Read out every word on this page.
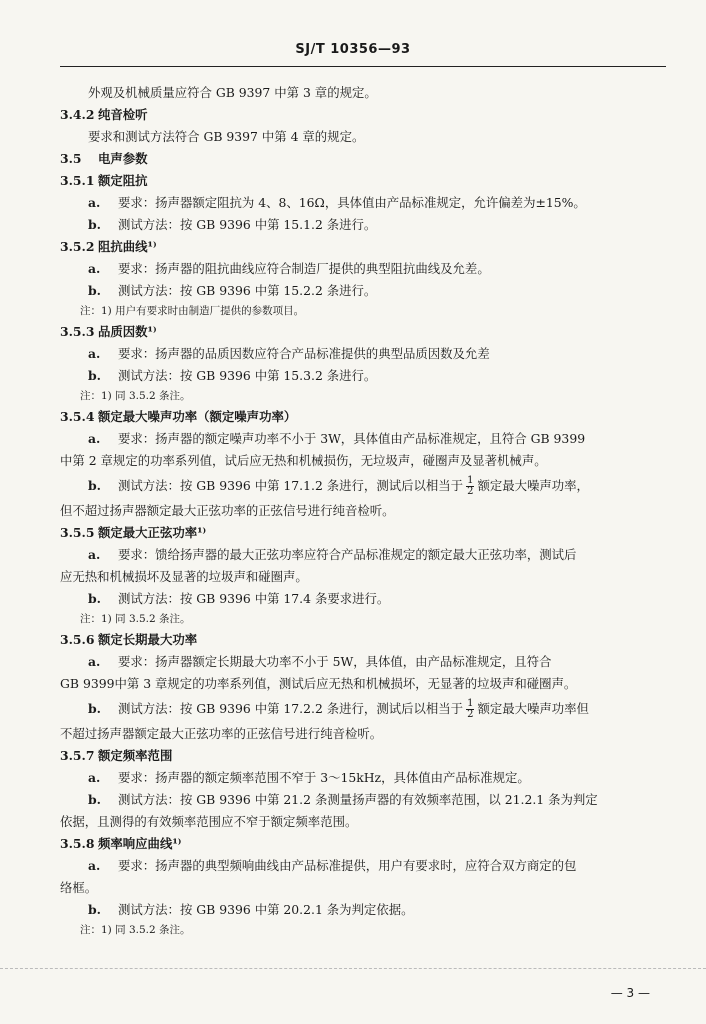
SJ/T 10356—93
外观及机械质量应符合 GB 9397 中第 3 章的规定。
3.4.2 纯音检听
要求和测试方法符合 GB 9397 中第 4 章的规定。
3.5 电声参数
3.5.1 额定阻抗
a. 要求：扬声器额定阻抗为 4、8、16Ω，具体值由产品标准规定，允许偏差为±15%。
b. 测试方法：按 GB 9396 中第 15.1.2 条进行。
3.5.2 阻抗曲线¹⁾
a. 要求：扬声器的阻抗曲线应符合制造厂提供的典型阻抗曲线及允差。
b. 测试方法：按 GB 9396 中第 15.2.2 条进行。
注：1) 用户有要求时由制造厂提供的参数项目。
3.5.3 品质因数¹⁾
a. 要求：扬声器的品质因数应符合产品标准提供的典型品质因数及允差
b. 测试方法：按 GB 9396 中第 15.3.2 条进行。
注：1) 同 3.5.2 条注。
3.5.4 额定最大噪声功率（额定噪声功率）
a. 要求：扬声器的额定噪声功率不小于 3W，具体值由产品标准规定，且符合 GB 9399
中第 2 章规定的功率系列值，试后应无热和机械损伤，无垃圾声，碰圈声及显著机械声。
b. 测试方法：按 GB 9396 中第 17.1.2 条进行，测试后以相当于 $\frac{1}{2}$ 额定最大噪声功率，
但不超过扬声器额定最大正弦功率的正弦信号进行纯音检听。
3.5.5 额定最大正弦功率¹⁾
a. 要求：馈给扬声器的最大正弦功率应符合产品标准规定的额定最大正弦功率，测试后
应无热和机械损坏及显著的垃圾声和碰圈声。
b. 测试方法：按 GB 9396 中第 17.4 条要求进行。
注：1) 同 3.5.2 条注。
3.5.6 额定长期最大功率
a. 要求：扬声器额定长期最大功率不小于 5W，具体值，由产品标准规定，且符合
GB 9399中第 3 章规定的功率系列值，测试后应无热和机械损坏，无显著的垃圾声和碰圈声。
b. 测试方法：按 GB 9396 中第 17.2.2 条进行，测试后以相当于 $\frac{1}{2}$ 额定最大噪声功率但
不超过扬声器额定最大正弦功率的正弦信号进行纯音检听。
3.5.7 额定频率范围
a. 要求：扬声器的额定频率范围不窄于 3～15kHz，具体值由产品标准规定。
b. 测试方法：按 GB 9396 中第 21.2 条测量扬声器的有效频率范围，以 21.2.1 条为判定
依据，且测得的有效频率范围应不窄于额定频率范围。
3.5.8 频率响应曲线¹⁾
a. 要求：扬声器的典型频响曲线由产品标准提供，用户有要求时，应符合双方商定的包
络框。
b. 测试方法：按 GB 9396 中第 20.2.1 条为判定依据。
注：1) 同 3.5.2 条注。
— 3 —
